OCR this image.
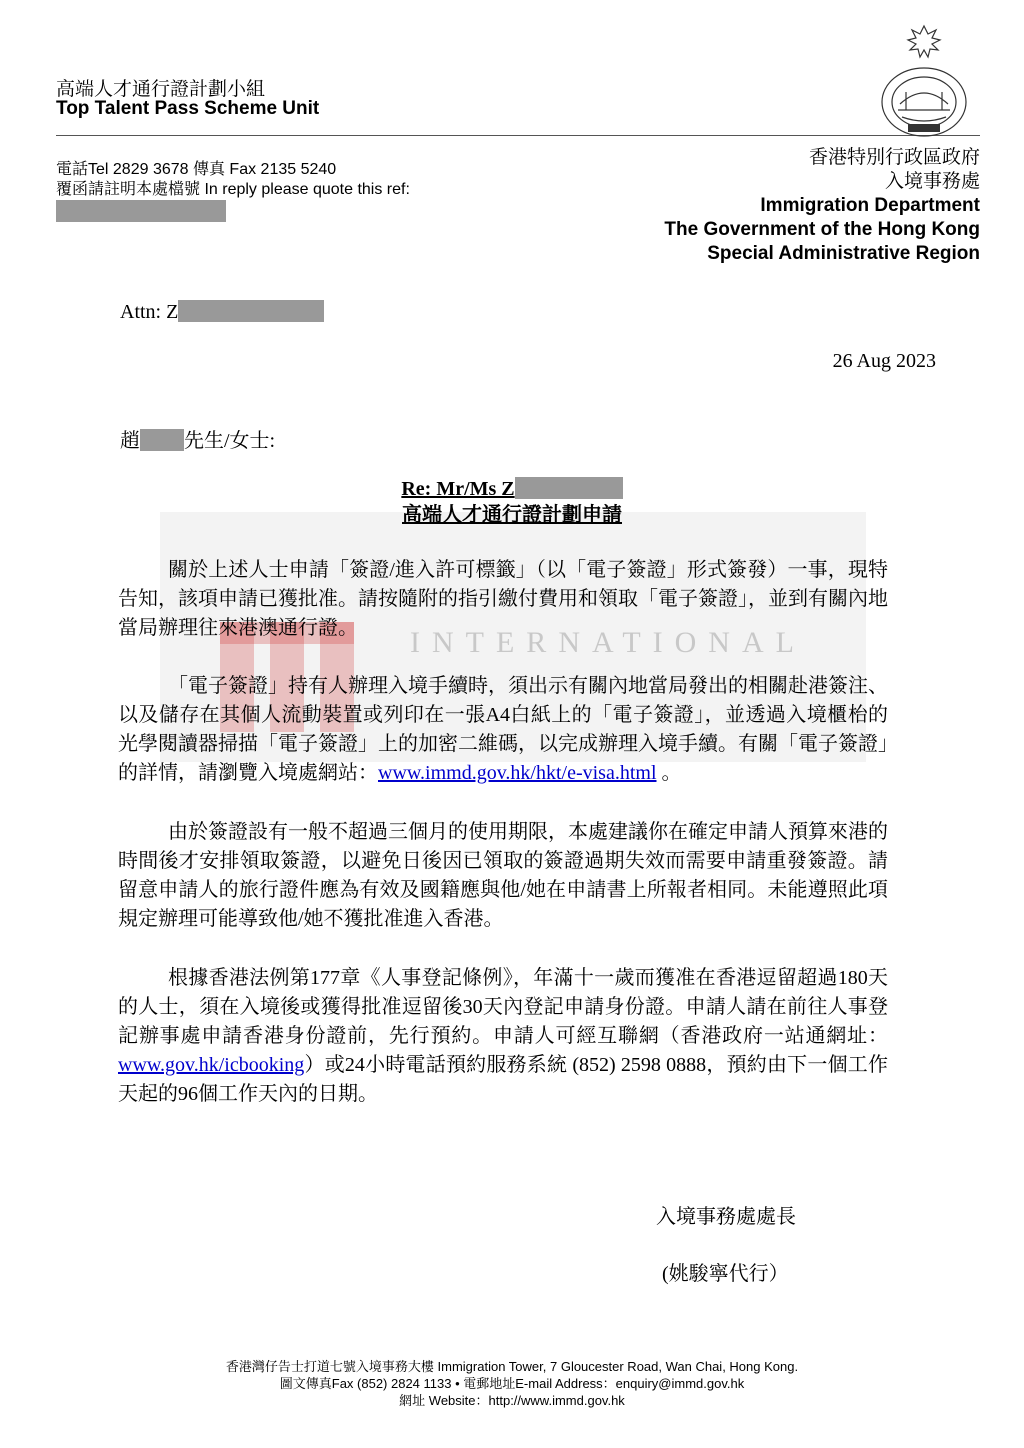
高端人才通行證計劃小組
Top Talent Pass Scheme Unit
電話Tel 2829 3678 傳真 Fax 2135 5240
覆函請註明本處檔號 In reply please quote this ref:
香港特別行政區政府
入境事務處
Immigration Department
The Government of the Hong Kong
Special Administrative Region
Attn: Z
26 Aug 2023
趙 先生/女士:
INTERNATIONAL
Re: Mr/Ms Z
高端人才通行證計劃申請
關於上述人士申請「簽證/進入許可標籤」（以「電子簽證」形式簽發）一事，現特告知，該項申請已獲批准。請按隨附的指引繳付費用和領取「電子簽證」，並到有關內地當局辦理往來港澳通行證。
「電子簽證」持有人辦理入境手續時，須出示有關內地當局發出的相關赴港簽注、以及儲存在其個人流動裝置或列印在一張A4白紙上的「電子簽證」，並透過入境櫃枱的光學閱讀器掃描「電子簽證」上的加密二維碼，以完成辦理入境手續。有關「電子簽證」的詳情，請瀏覽入境處網站：www.immd.gov.hk/hkt/e-visa.html 。
由於簽證設有一般不超過三個月的使用期限，本處建議你在確定申請人預算來港的時間後才安排領取簽證，以避免日後因已領取的簽證過期失效而需要申請重發簽證。請留意申請人的旅行證件應為有效及國籍應與他/她在申請書上所報者相同。未能遵照此項規定辦理可能導致他/她不獲批准進入香港。
根據香港法例第177章《人事登記條例》，年滿十一歲而獲准在香港逗留超過180天的人士，須在入境後或獲得批准逗留後30天內登記申請身份證。申請人請在前往人事登記辦事處申請香港身份證前，先行預約。申請人可經互聯網（香港政府一站通網址：www.gov.hk/icbooking）或24小時電話預約服務系統 (852) 2598 0888，預約由下一個工作天起的96個工作天內的日期。
入境事務處處長
(姚駿寧代行）
香港灣仔告士打道七號入境事務大樓 Immigration Tower, 7 Gloucester Road, Wan Chai, Hong Kong.
圖文傳真Fax (852) 2824 1133 • 電郵地址E-mail Address：enquiry@immd.gov.hk
網址 Website：http://www.immd.gov.hk
